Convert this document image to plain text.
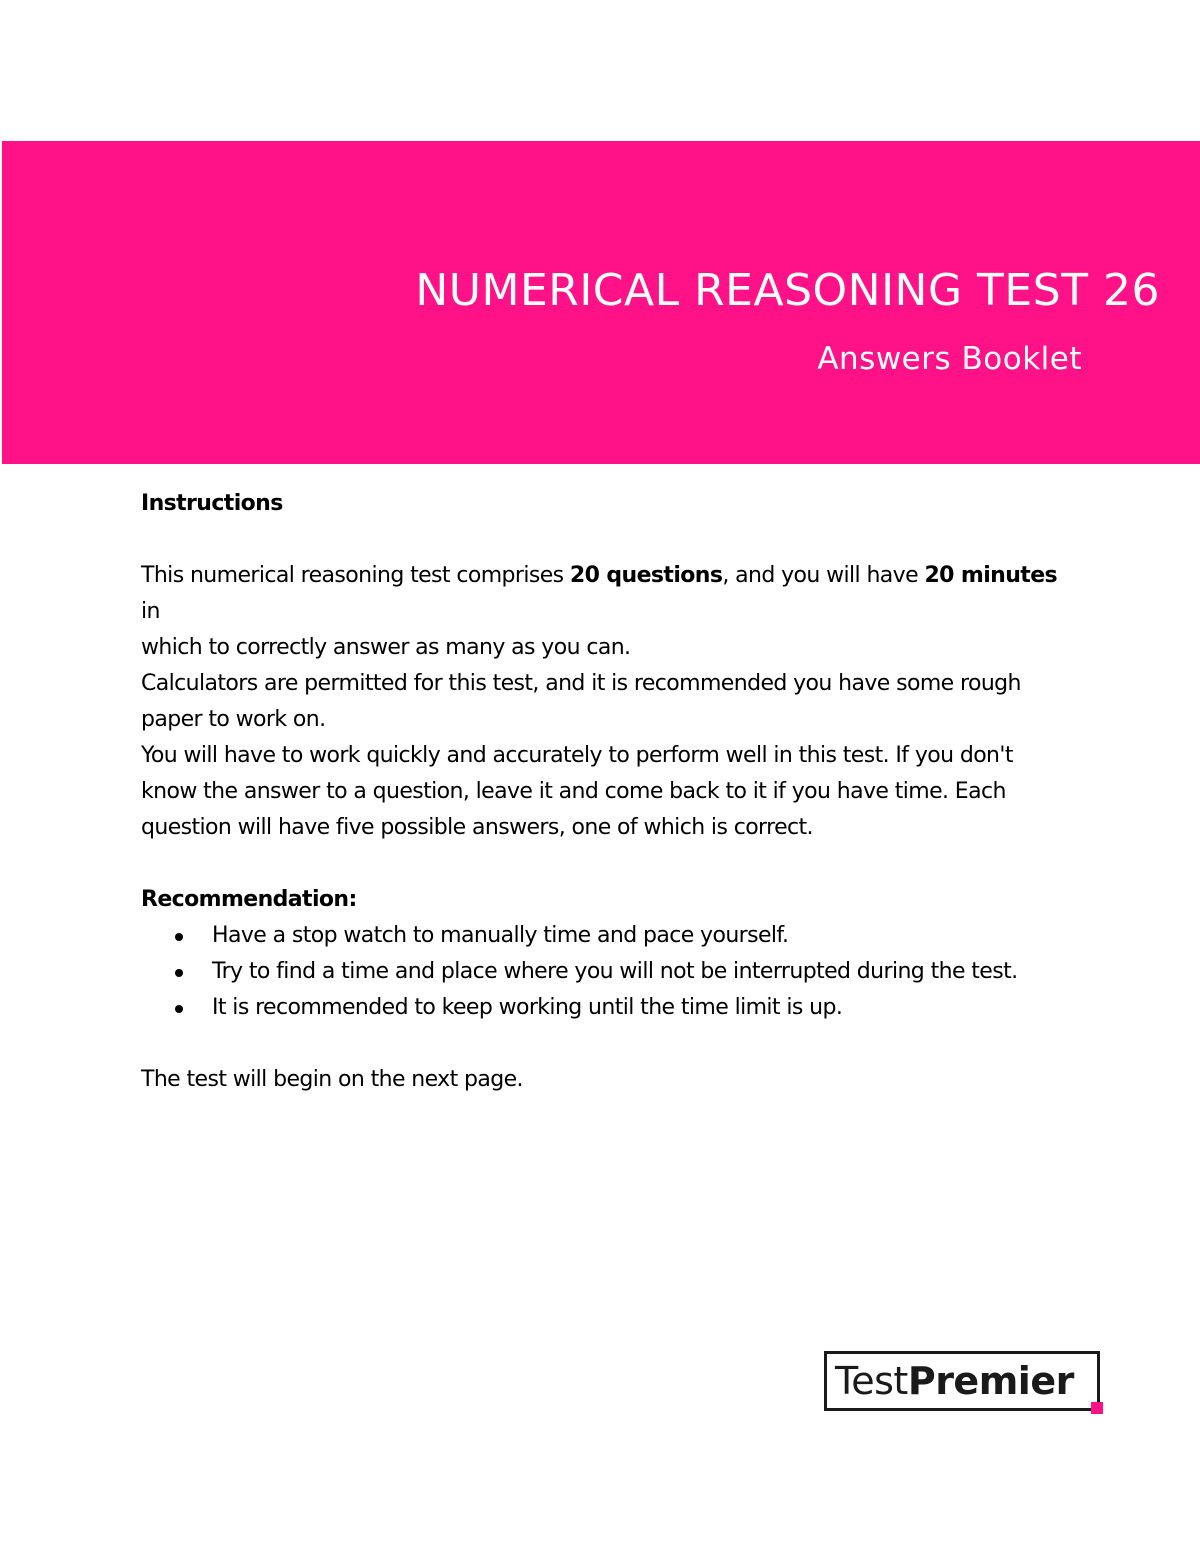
NUMERICAL REASONING TEST 26
Answers Booklet

Instructions

This numerical reasoning test comprises 20 questions, and you will have 20 minutes in

which to correctly answer as many as you can.

Calculators are permitted for this test, and it is recommended you have some rough

paper to work on.

You will have to work quickly and accurately to perform well in this test. If you don't

know the answer to a question, leave it and come back to it if you have time. Each

question will have five possible answers, one of which is correct.

Recommendation:

Have a stop watch to manually time and pace yourself.
Try to find a time and place where you will not be interrupted during the test.
It is recommended to keep working until the time limit is up.

The test will begin on the next page.

TestPremier
